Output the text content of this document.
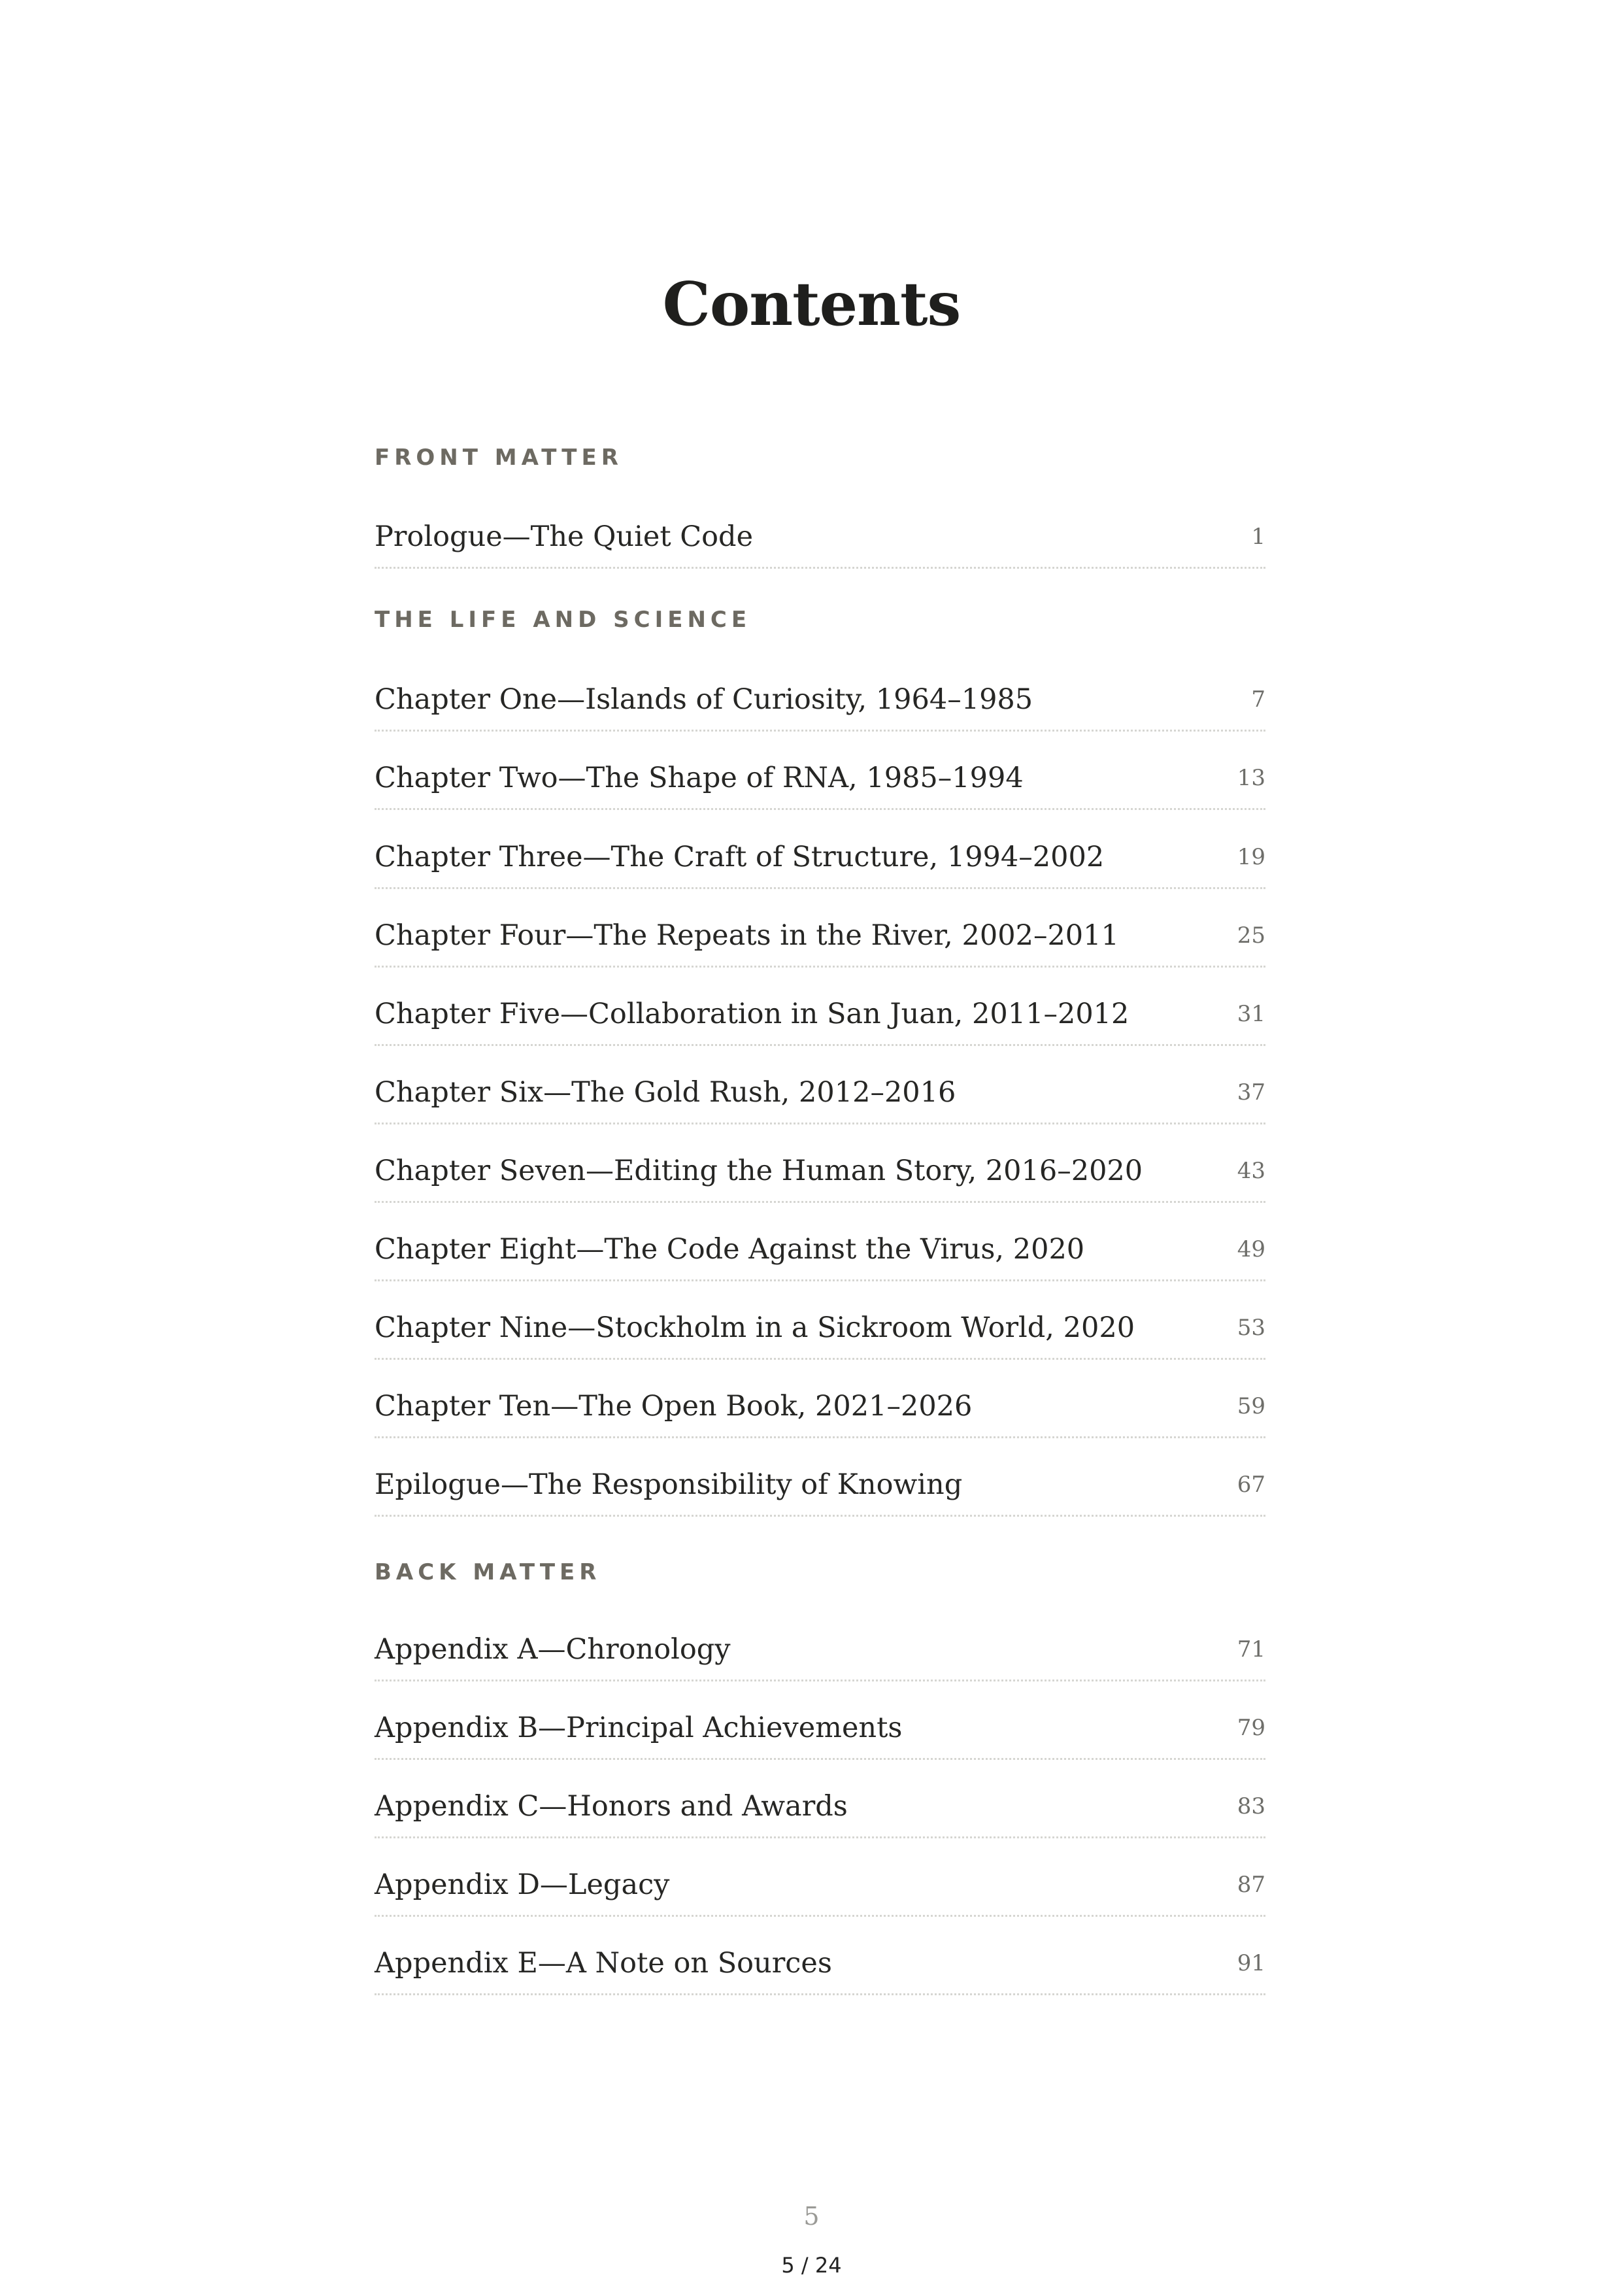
Contents
FRONT MATTER
Prologue—The Quiet Code	1
THE LIFE AND SCIENCE
Chapter One—Islands of Curiosity, 1964–1985	7
Chapter Two—The Shape of RNA, 1985–1994	13
Chapter Three—The Craft of Structure, 1994–2002	19
Chapter Four—The Repeats in the River, 2002–2011	25
Chapter Five—Collaboration in San Juan, 2011–2012	31
Chapter Six—The Gold Rush, 2012–2016	37
Chapter Seven—Editing the Human Story, 2016–2020	43
Chapter Eight—The Code Against the Virus, 2020	49
Chapter Nine—Stockholm in a Sickroom World, 2020	53
Chapter Ten—The Open Book, 2021–2026	59
Epilogue—The Responsibility of Knowing	67
BACK MATTER
Appendix A—Chronology	71
Appendix B—Principal Achievements	79
Appendix C—Honors and Awards	83
Appendix D—Legacy	87
Appendix E—A Note on Sources	91
5
5 / 24
